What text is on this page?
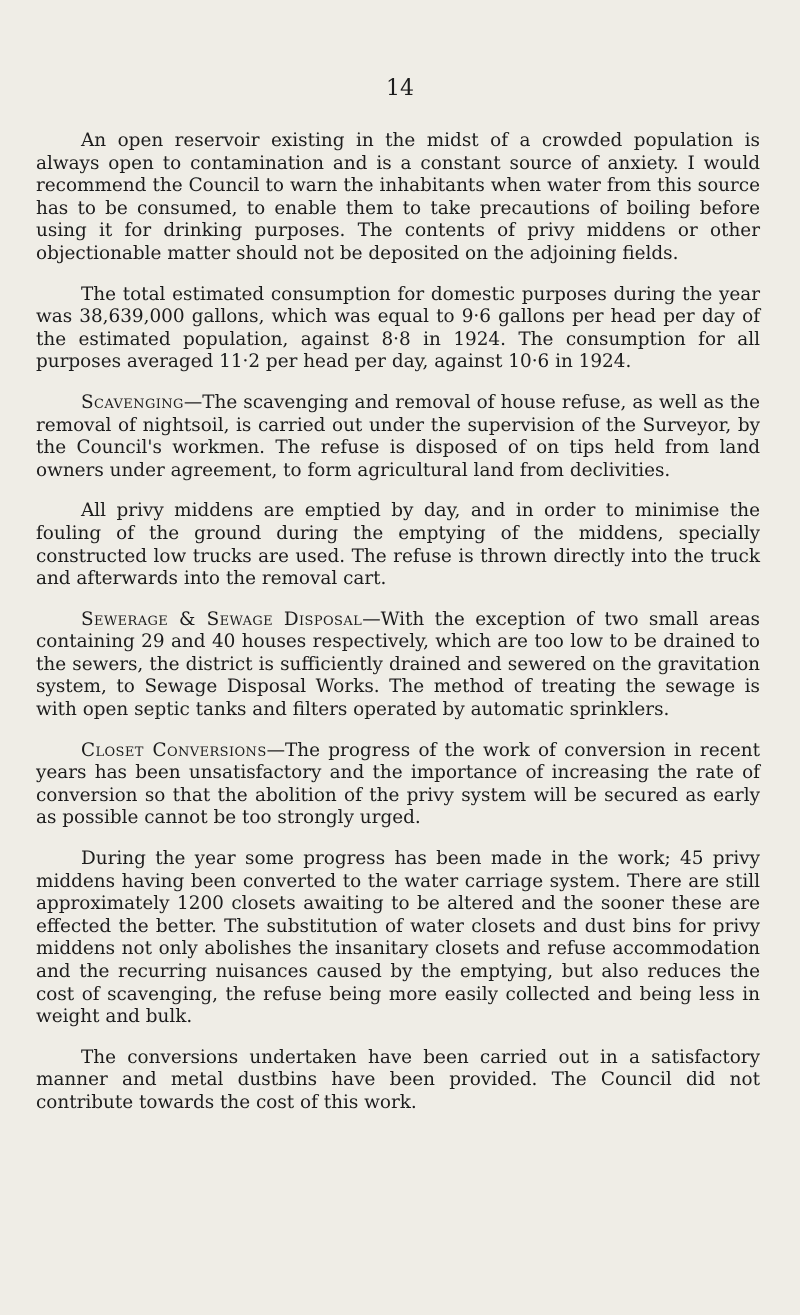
14

An open reservoir existing in the midst of a crowded population is always open to contamination and is a constant source of anxiety. I would recommend the Council to warn the inhabitants when water from this source has to be consumed, to enable them to take precautions of boiling before using it for drinking purposes. The contents of privy middens or other objectionable matter should not be deposited on the adjoining fields.

The total estimated consumption for domestic purposes during the year was 38,639,000 gallons, which was equal to 9·6 gallons per head per day of the estimated population, against 8·8 in 1924. The consumption for all purposes averaged 11·2 per head per day, against 10·6 in 1924.

Scavenging—The scavenging and removal of house refuse, as well as the removal of nightsoil, is carried out under the supervision of the Surveyor, by the Council's workmen. The refuse is disposed of on tips held from land owners under agreement, to form agricultural land from declivities.

All privy middens are emptied by day, and in order to minimise the fouling of the ground during the emptying of the middens, specially constructed low trucks are used. The refuse is thrown directly into the truck and afterwards into the removal cart.

Sewerage & Sewage Disposal—With the exception of two small areas containing 29 and 40 houses respectively, which are too low to be drained to the sewers, the district is sufficiently drained and sewered on the gravitation system, to Sewage Disposal Works. The method of treating the sewage is with open septic tanks and filters operated by automatic sprinklers.

Closet Conversions—The progress of the work of conversion in recent years has been unsatisfactory and the importance of increasing the rate of conversion so that the abolition of the privy system will be secured as early as possible cannot be too strongly urged.

During the year some progress has been made in the work; 45 privy middens having been converted to the water carriage system. There are still approximately 1200 closets awaiting to be altered and the sooner these are effected the better. The substitution of water closets and dust bins for privy middens not only abolishes the insanitary closets and refuse accommodation and the recurring nuisances caused by the emptying, but also reduces the cost of scavenging, the refuse being more easily collected and being less in weight and bulk.

The conversions undertaken have been carried out in a satisfactory manner and metal dustbins have been provided. The Council did not contribute towards the cost of this work.
